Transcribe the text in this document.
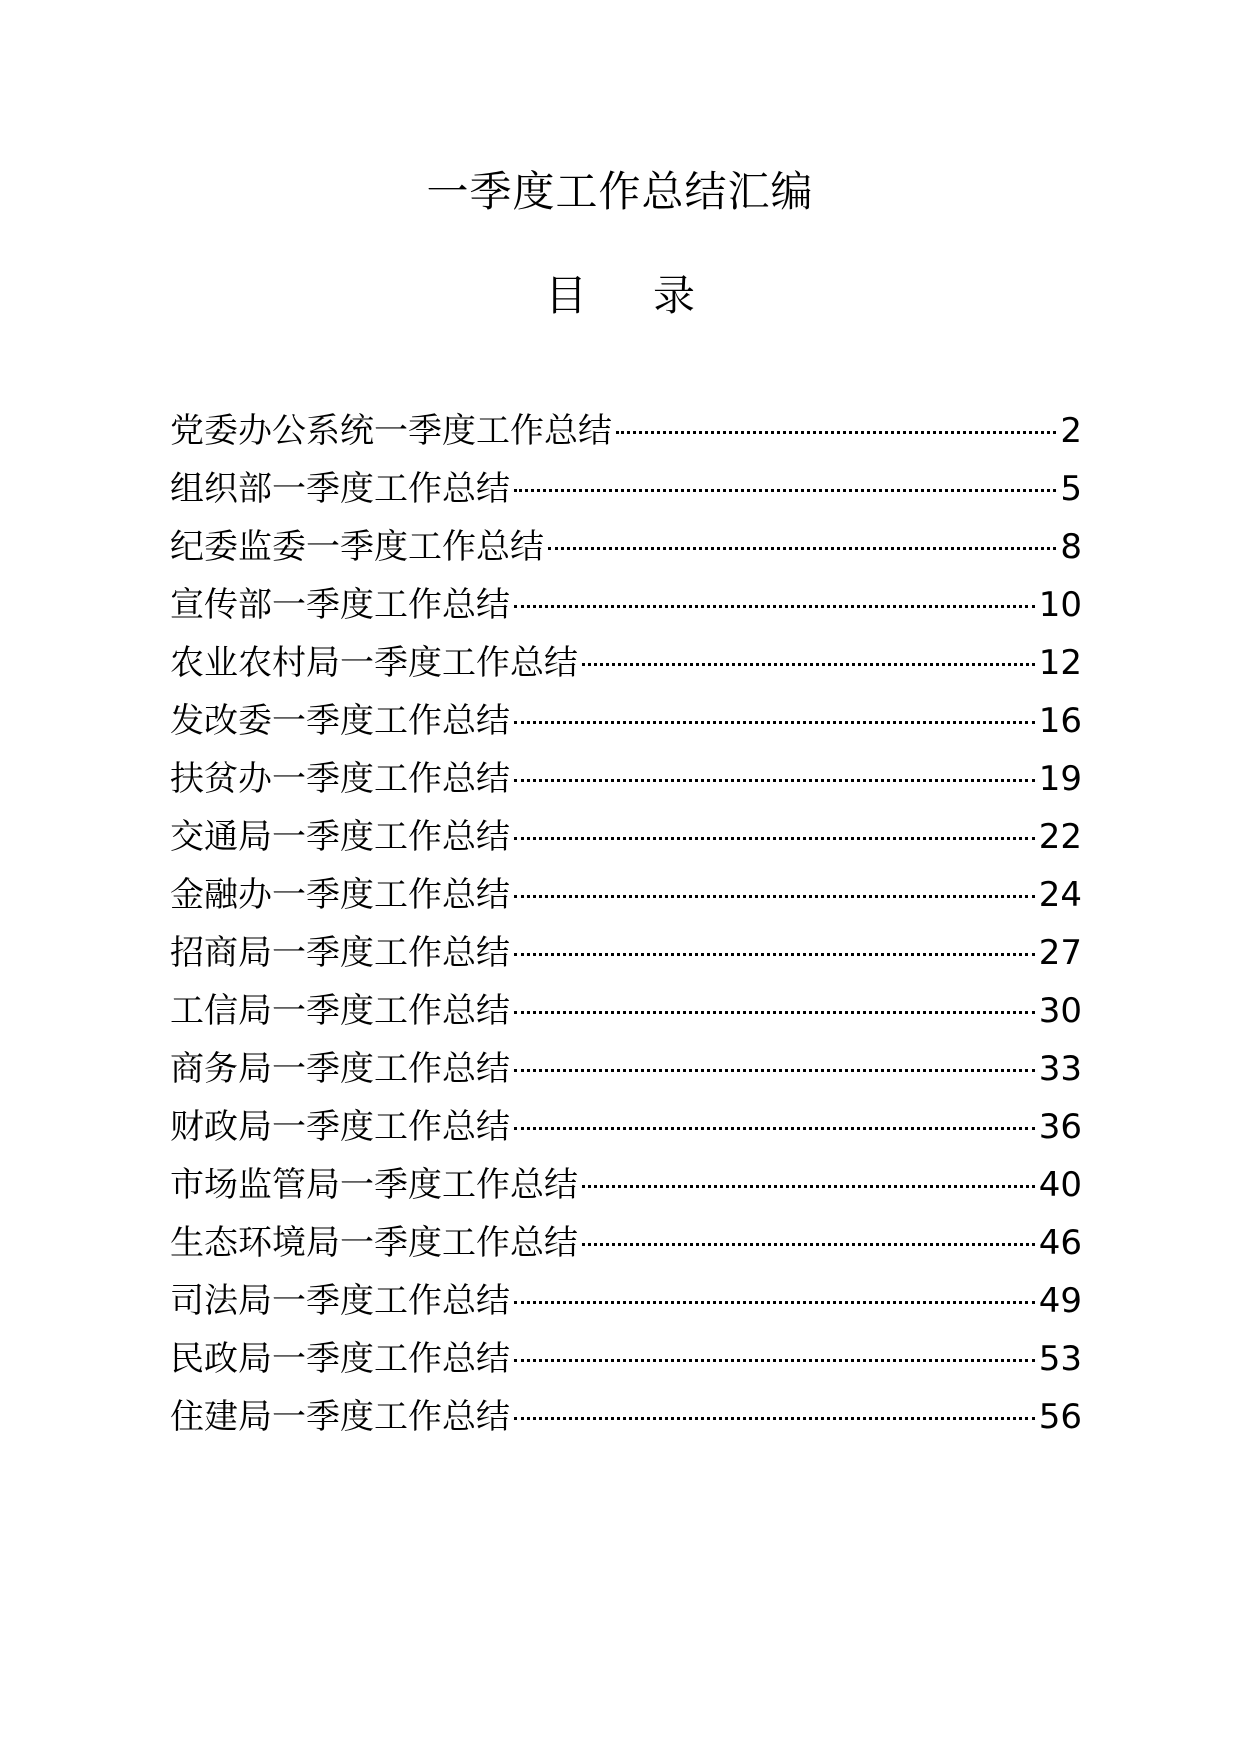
一季度工作总结汇编
目 录
党委办公系统一季度工作总结	2
组织部一季度工作总结	5
纪委监委一季度工作总结	8
宣传部一季度工作总结	10
农业农村局一季度工作总结	12
发改委一季度工作总结	16
扶贫办一季度工作总结	19
交通局一季度工作总结	22
金融办一季度工作总结	24
招商局一季度工作总结	27
工信局一季度工作总结	30
商务局一季度工作总结	33
财政局一季度工作总结	36
市场监管局一季度工作总结	40
生态环境局一季度工作总结	46
司法局一季度工作总结	49
民政局一季度工作总结	53
住建局一季度工作总结	56
